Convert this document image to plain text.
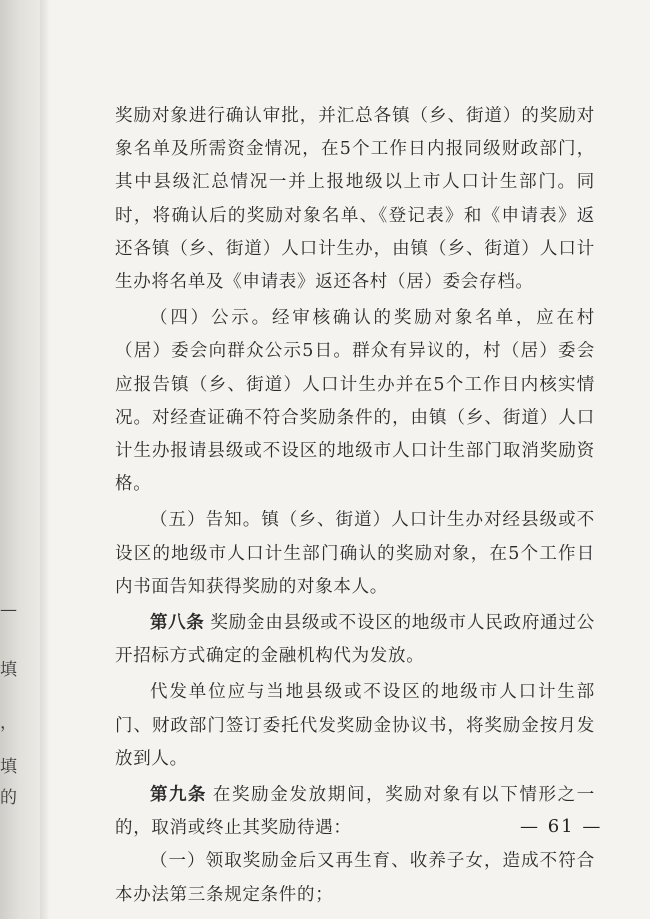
—
填
，
填
的

奖励对象进行确认审批，并汇总各镇（乡、街道）的奖励对象名单及所需资金情况，在5个工作日内报同级财政部门，其中县级汇总情况一并上报地级以上市人口计生部门。同时，将确认后的奖励对象名单、《登记表》和《申请表》返还各镇（乡、街道）人口计生办，由镇（乡、街道）人口计生办将名单及《申请表》返还各村（居）委会存档。

（四）公示。经审核确认的奖励对象名单，应在村（居）委会向群众公示5日。群众有异议的，村（居）委会应报告镇（乡、街道）人口计生办并在5个工作日内核实情况。对经查证确不符合奖励条件的，由镇（乡、街道）人口计生办报请县级或不设区的地级市人口计生部门取消奖励资格。

（五）告知。镇（乡、街道）人口计生办对经县级或不设区的地级市人口计生部门确认的奖励对象，在5个工作日内书面告知获得奖励的对象本人。

第八条 奖励金由县级或不设区的地级市人民政府通过公开招标方式确定的金融机构代为发放。

代发单位应与当地县级或不设区的地级市人口计生部门、财政部门签订委托代发奖励金协议书，将奖励金按月发放到人。

第九条 在奖励金发放期间，奖励对象有以下情形之一的，取消或终止其奖励待遇：

（一）领取奖励金后又再生育、收养子女，造成不符合本办法第三条规定条件的；

— 61 —
